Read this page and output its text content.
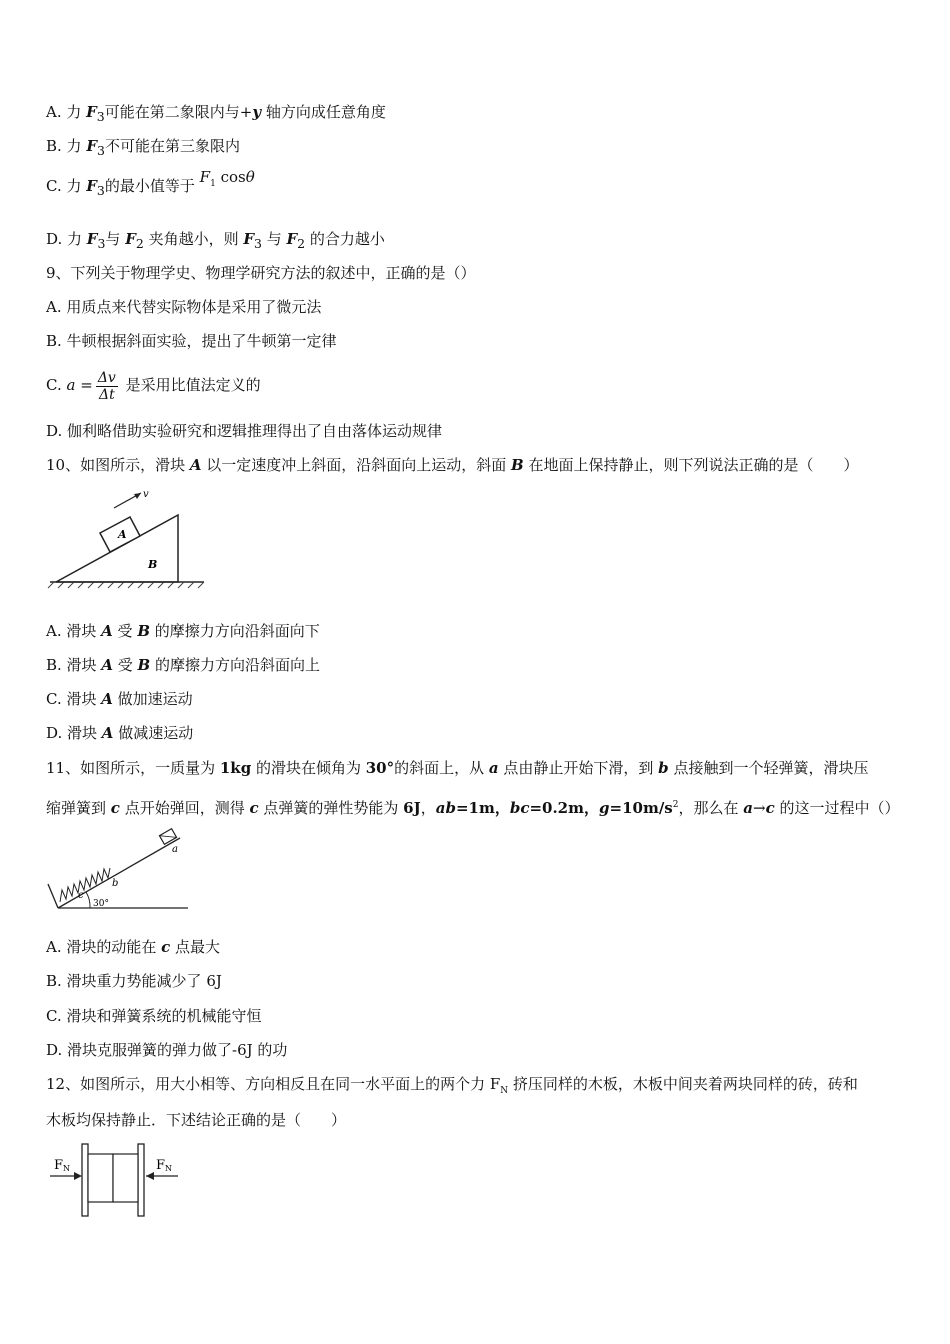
A. 力 $F_3$可能在第二象限内与+y 轴方向成任意角度
B. 力 $F_3$不可能在第三象限内
C. 力 $F_3$的最小值等于 $F_1$ cosθ
D. 力 $F_3$与 $F_2$ 夹角越小，则 $F_3$ 与 $F_2$ 的合力越小
9、下列关于物理学史、物理学研究方法的叙述中，正确的是（）
A. 用质点来代替实际物体是采用了微元法
B. 牛顿根据斜面实验，提出了牛顿第一定律
C. $a = \frac{\Delta v}{\Delta t}$ 是采用比值法定义的
D. 伽利略借助实验研究和逻辑推理得出了自由落体运动规律
10、如图所示，滑块 A 以一定速度冲上斜面，沿斜面向上运动，斜面 B 在地面上保持静止，则下列说法正确的是（　　）
v
A
B
A. 滑块 A 受 B 的摩擦力方向沿斜面向下
B. 滑块 A 受 B 的摩擦力方向沿斜面向上
C. 滑块 A 做加速运动
D. 滑块 A 做减速运动
11、如图所示，一质量为 1kg 的滑块在倾角为 30°的斜面上，从 a 点由静止开始下滑，到 b 点接触到一个轻弹簧，滑块压
缩弹簧到 c 点开始弹回，测得 c 点弹簧的弹性势能为 6J，ab=1m，bc=0.2m，$g=10m/s^2$，那么在 a→c 的这一过程中（）
a
b
c
30°
A. 滑块的动能在 c 点最大
B. 滑块重力势能减少了 6J
C. 滑块和弹簧系统的机械能守恒
D. 滑块克服弹簧的弹力做了-6J 的功
12、如图所示，用大小相等、方向相反且在同一水平面上的两个力 $F_N$ 挤压同样的木板，木板中间夹着两块同样的砖，砖和
木板均保持静止．下述结论正确的是（　　）
FN	FN
